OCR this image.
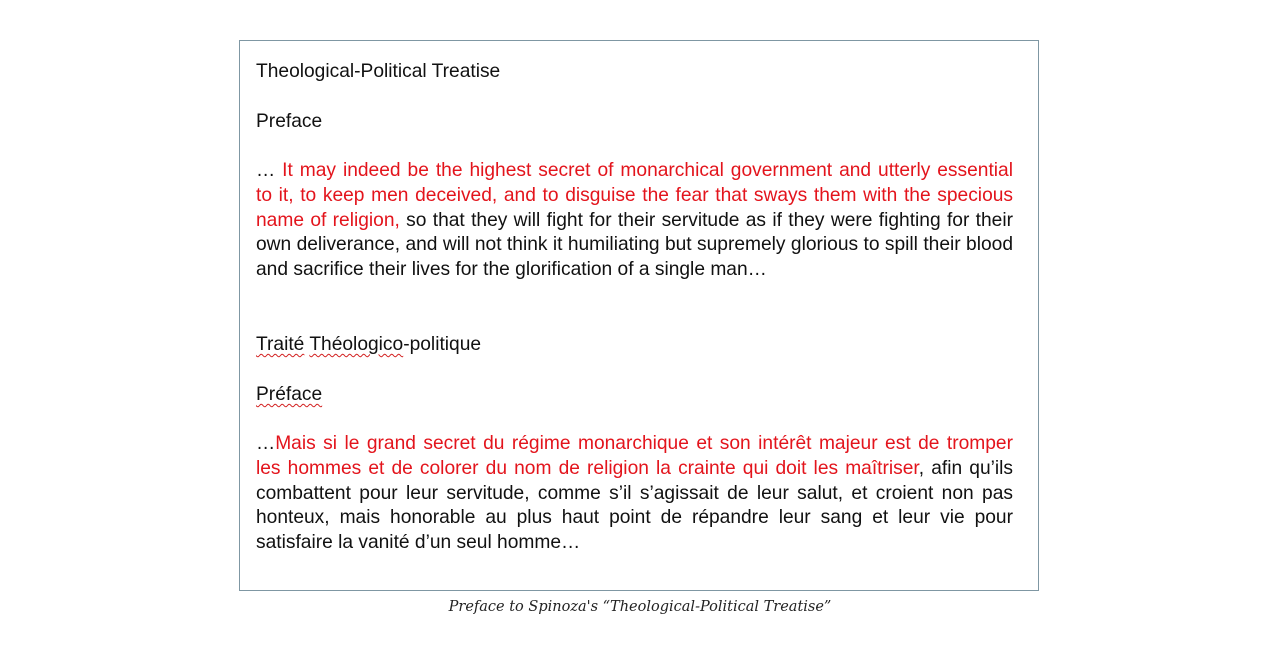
Theological-Political Treatise
Preface
… It may indeed be the highest secret of monarchical government and utterly essential to it, to keep men deceived, and to disguise the fear that sways them with the specious name of religion, so that they will fight for their servitude as if they were fighting for their own deliverance, and will not think it humiliating but supremely glorious to spill their blood and sacrifice their lives for the glorification of a single man…
Traité Théologico-politique
Préface
…Mais si le grand secret du régime monarchique et son intérêt majeur est de tromper les hommes et de colorer du nom de religion la crainte qui doit les maîtriser, afin qu’ils combattent pour leur servitude, comme s’il s’agissait de leur salut, et croient non pas honteux, mais honorable au plus haut point de répandre leur sang et leur vie pour satisfaire la vanité d’un seul homme…
Preface to Spinoza's “Theological-Political Treatise”
